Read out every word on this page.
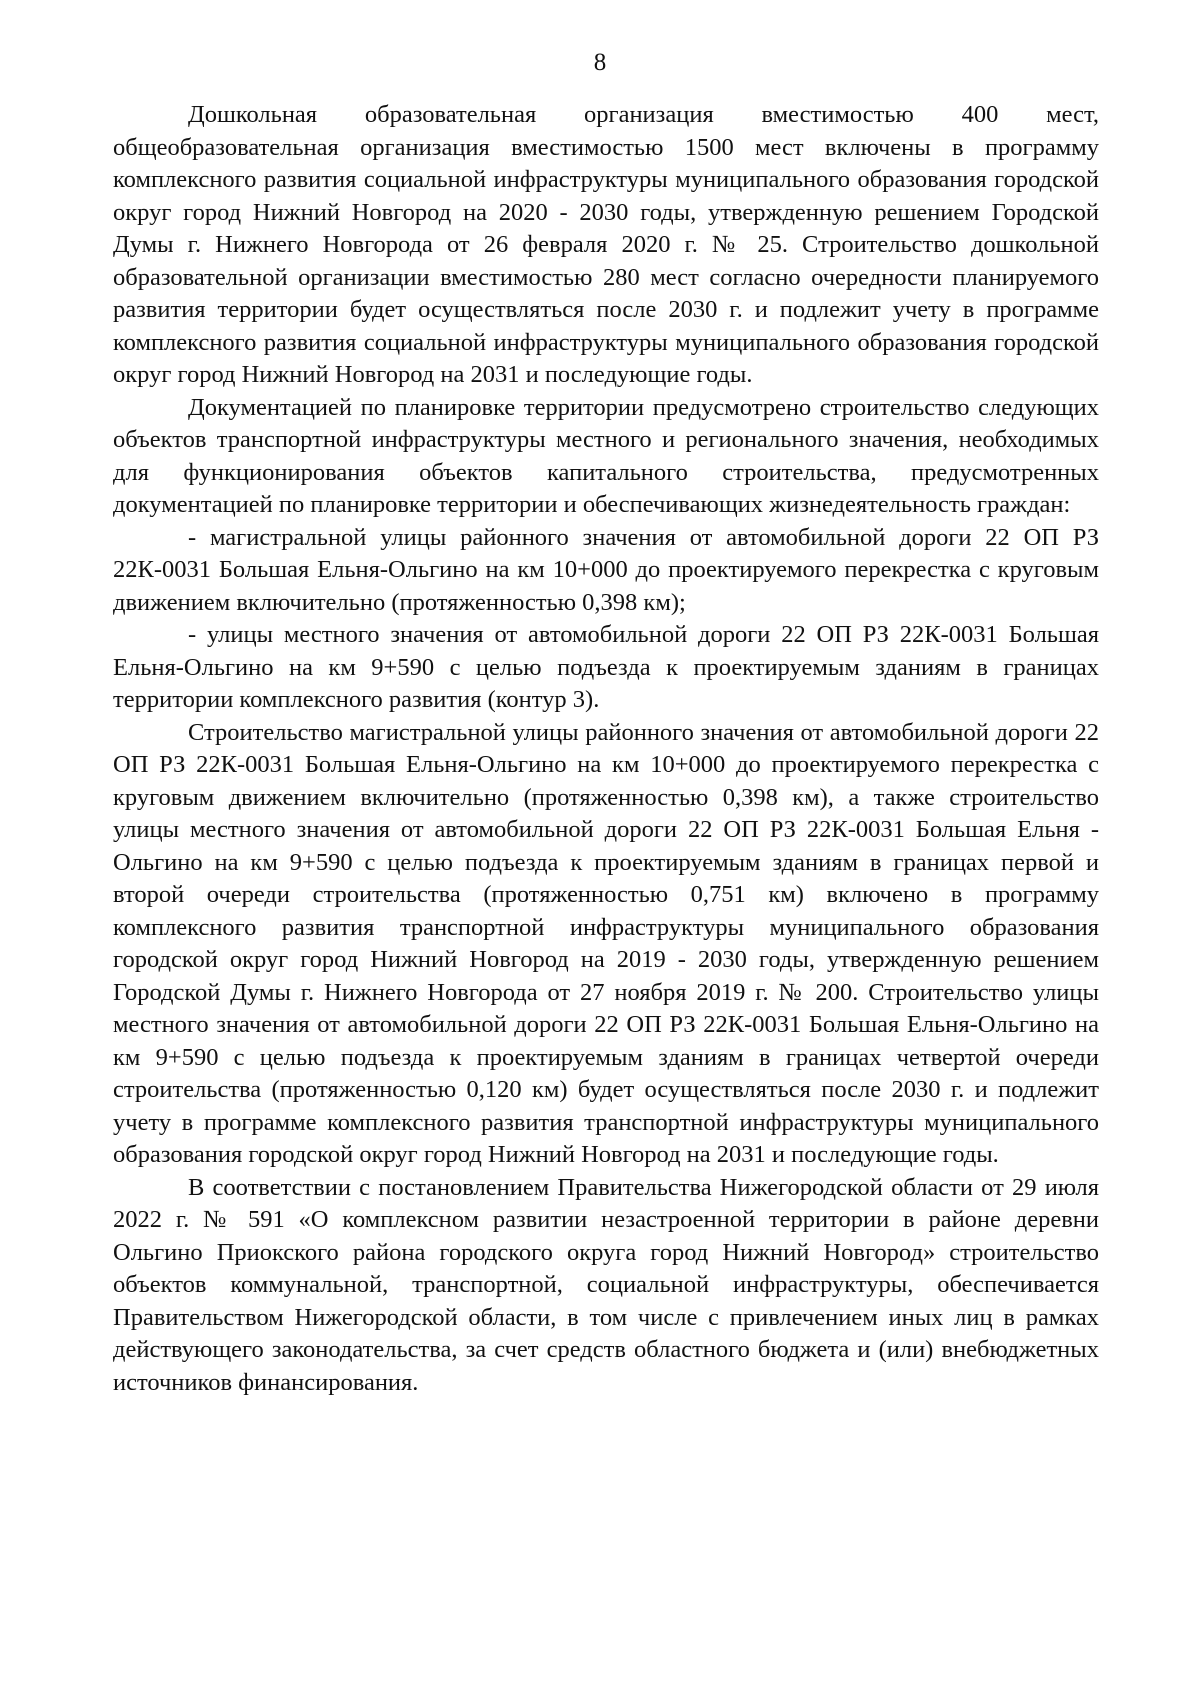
8

Дошкольная образовательная организация вместимостью 400 мест, общеобразовательная организация вместимостью 1500 мест включены в программу комплексного развития социальной инфраструктуры муниципального образования городской округ город Нижний Новгород на 2020 - 2030 годы, утвержденную решением Городской Думы г. Нижнего Новгорода от 26 февраля 2020 г. № 25. Строительство дошкольной образовательной организации вместимостью 280 мест согласно очередности планируемого развития территории будет осуществляться после 2030 г. и подлежит учету в программе комплексного развития социальной инфраструктуры муниципального образования городской округ город Нижний Новгород на 2031 и последующие годы.

Документацией по планировке территории предусмотрено строительство следующих объектов транспортной инфраструктуры местного и регионального значения, необходимых для функционирования объектов капитального строительства, предусмотренных документацией по планировке территории и обеспечивающих жизнедеятельность граждан:

- магистральной улицы районного значения от автомобильной дороги 22 ОП РЗ 22К-0031 Большая Ельня-Ольгино на км 10+000 до проектируемого перекрестка с круговым движением включительно (протяженностью 0,398 км);

- улицы местного значения от автомобильной дороги 22 ОП РЗ 22К-0031 Большая Ельня-Ольгино на км 9+590 с целью подъезда к проектируемым зданиям в границах территории комплексного развития (контур 3).

Строительство магистральной улицы районного значения от автомобильной дороги 22 ОП РЗ 22К-0031 Большая Ельня-Ольгино на км 10+000 до проектируемого перекрестка с круговым движением включительно (протяженностью 0,398 км), а также строительство улицы местного значения от автомобильной дороги 22 ОП РЗ 22К-0031 Большая Ельня - Ольгино на км 9+590 с целью подъезда к проектируемым зданиям в границах первой и второй очереди строительства (протяженностью 0,751 км) включено в программу комплексного развития транспортной инфраструктуры муниципального образования городской округ город Нижний Новгород на 2019 - 2030 годы, утвержденную решением Городской Думы г. Нижнего Новгорода от 27 ноября 2019 г. № 200. Строительство улицы местного значения от автомобильной дороги 22 ОП РЗ 22К-0031 Большая Ельня-Ольгино на км 9+590 с целью подъезда к проектируемым зданиям в границах четвертой очереди строительства (протяженностью 0,120 км) будет осуществляться после 2030 г. и подлежит учету в программе комплексного развития транспортной инфраструктуры муниципального образования городской округ город Нижний Новгород на 2031 и последующие годы.

В соответствии с постановлением Правительства Нижегородской области от 29 июля 2022 г. № 591 «О комплексном развитии незастроенной территории в районе деревни Ольгино Приокского района городского округа город Нижний Новгород» строительство объектов коммунальной, транспортной, социальной инфраструктуры, обеспечивается Правительством Нижегородской области, в том числе с привлечением иных лиц в рамках действующего законодательства, за счет средств областного бюджета и (или) внебюджетных источников финансирования.
